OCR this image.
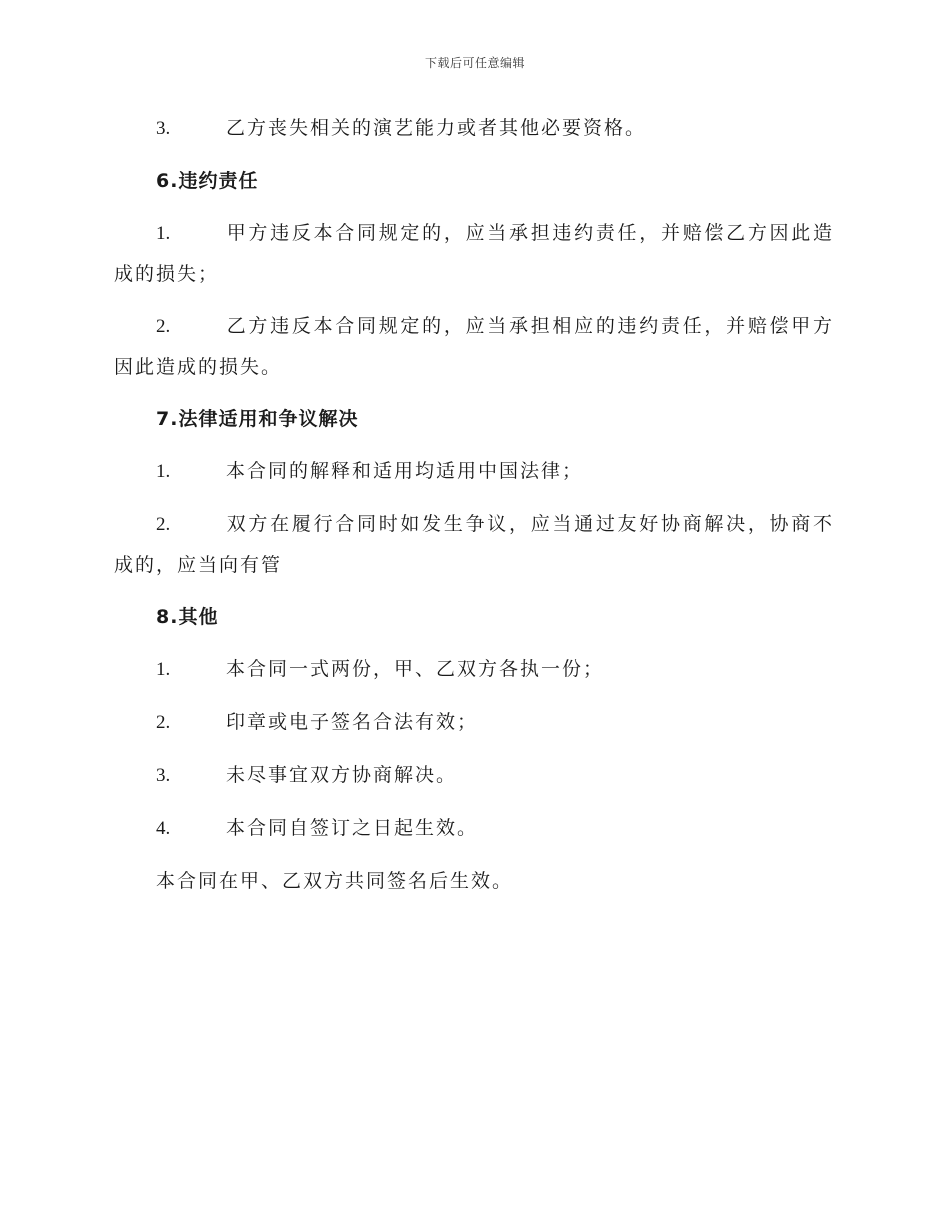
下载后可任意编辑

3.	乙方丧失相关的演艺能力或者其他必要资格。

6.违约责任

1.	甲方违反本合同规定的，应当承担违约责任，并赔偿乙方因此造成的损失；

2.	乙方违反本合同规定的，应当承担相应的违约责任，并赔偿甲方因此造成的损失。

7.法律适用和争议解决

1.	本合同的解释和适用均适用中国法律；

2.	双方在履行合同时如发生争议，应当通过友好协商解决，协商不成的，应当向有管

8.其他

1.	本合同一式两份，甲、乙双方各执一份；

2.	印章或电子签名合法有效；

3.	未尽事宜双方协商解决。

4.	本合同自签订之日起生效。

本合同在甲、乙双方共同签名后生效。
